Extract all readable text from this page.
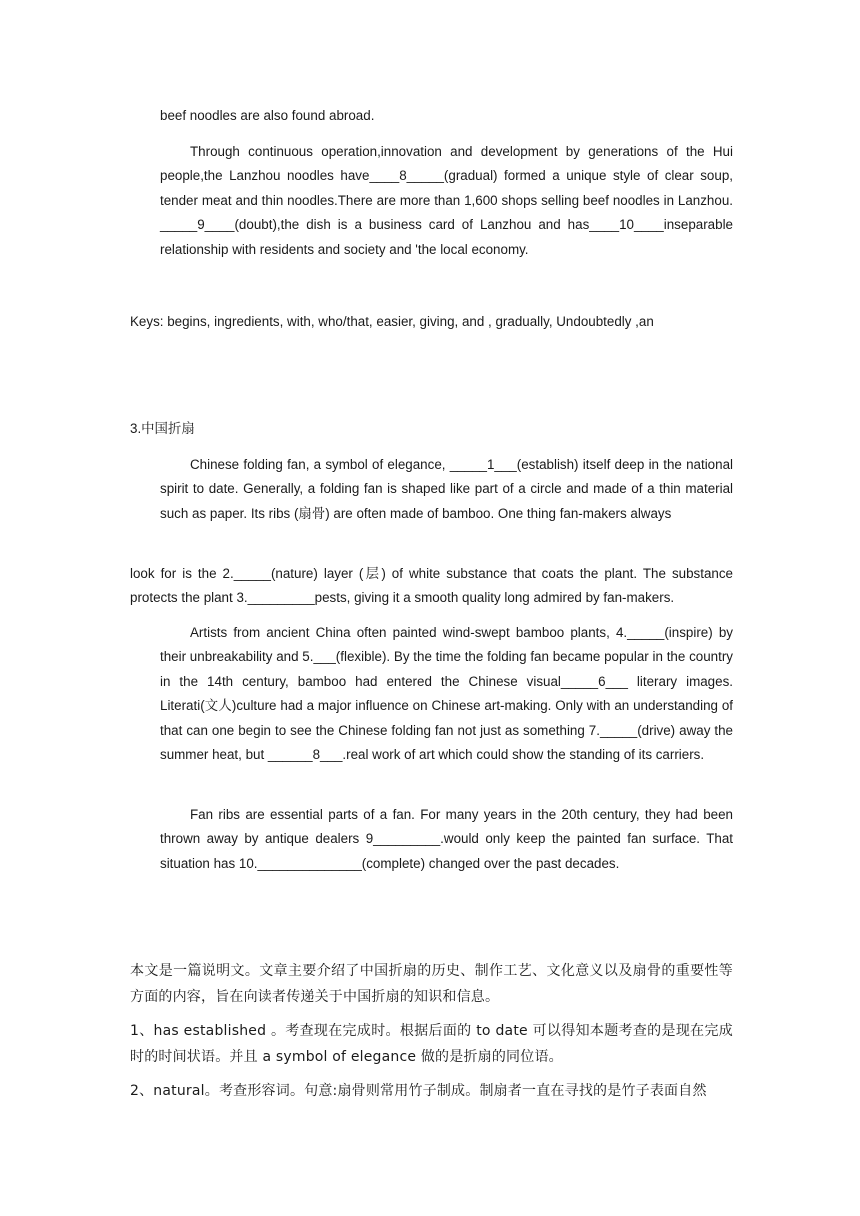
beef noodles are also found abroad.

Through continuous operation,innovation and development by generations of the Hui people,the Lanzhou noodles have____8_____(gradual) formed a unique style of clear soup, tender meat and thin noodles.There are more than 1,600 shops selling beef noodles in Lanzhou. _____9____(doubt),the dish is a business card of Lanzhou and has____10____inseparable relationship with residents and society and 'the local economy.

Keys: begins, ingredients, with, who/that, easier, giving, and , gradually, Undoubtedly ,an

3.中国折扇

Chinese folding fan, a symbol of elegance, _____1___(establish) itself deep in the national spirit to date. Generally, a folding fan is shaped like part of a circle and made of a thin material such as paper. Its ribs (扇骨) are often made of bamboo. One thing fan-makers always

look for is the 2._____(nature) layer (层) of white substance that coats the plant. The substance protects the plant 3._________pests, giving it a smooth quality long admired by fan-makers.

Artists from ancient China often painted wind-swept bamboo plants, 4._____(inspire) by their unbreakability and 5.___(flexible). By the time the folding fan became popular in the country in the 14th century, bamboo had entered the Chinese visual_____6___ literary images. Literati(文人)culture had a major influence on Chinese art-making. Only with an understanding of that can one begin to see the Chinese folding fan not just as something 7._____(drive) away the summer heat, but ______8___.real work of art which could show the standing of its carriers.

Fan ribs are essential parts of a fan. For many years in the 20th century, they had been thrown away by antique dealers 9_________.would only keep the painted fan surface. That situation has 10.______________(complete) changed over the past decades.

本文是一篇说明文。文章主要介绍了中国折扇的历史、制作工艺、文化意义以及扇骨的重要性等方面的内容，旨在向读者传递关于中国折扇的知识和信息。

1、has established 。考查现在完成时。根据后面的 to date 可以得知本题考查的是现在完成时的时间状语。并且 a symbol of elegance 做的是折扇的同位语。

2、natural。考查形容词。句意:扇骨则常用竹子制成。制扇者一直在寻找的是竹子表面自然
